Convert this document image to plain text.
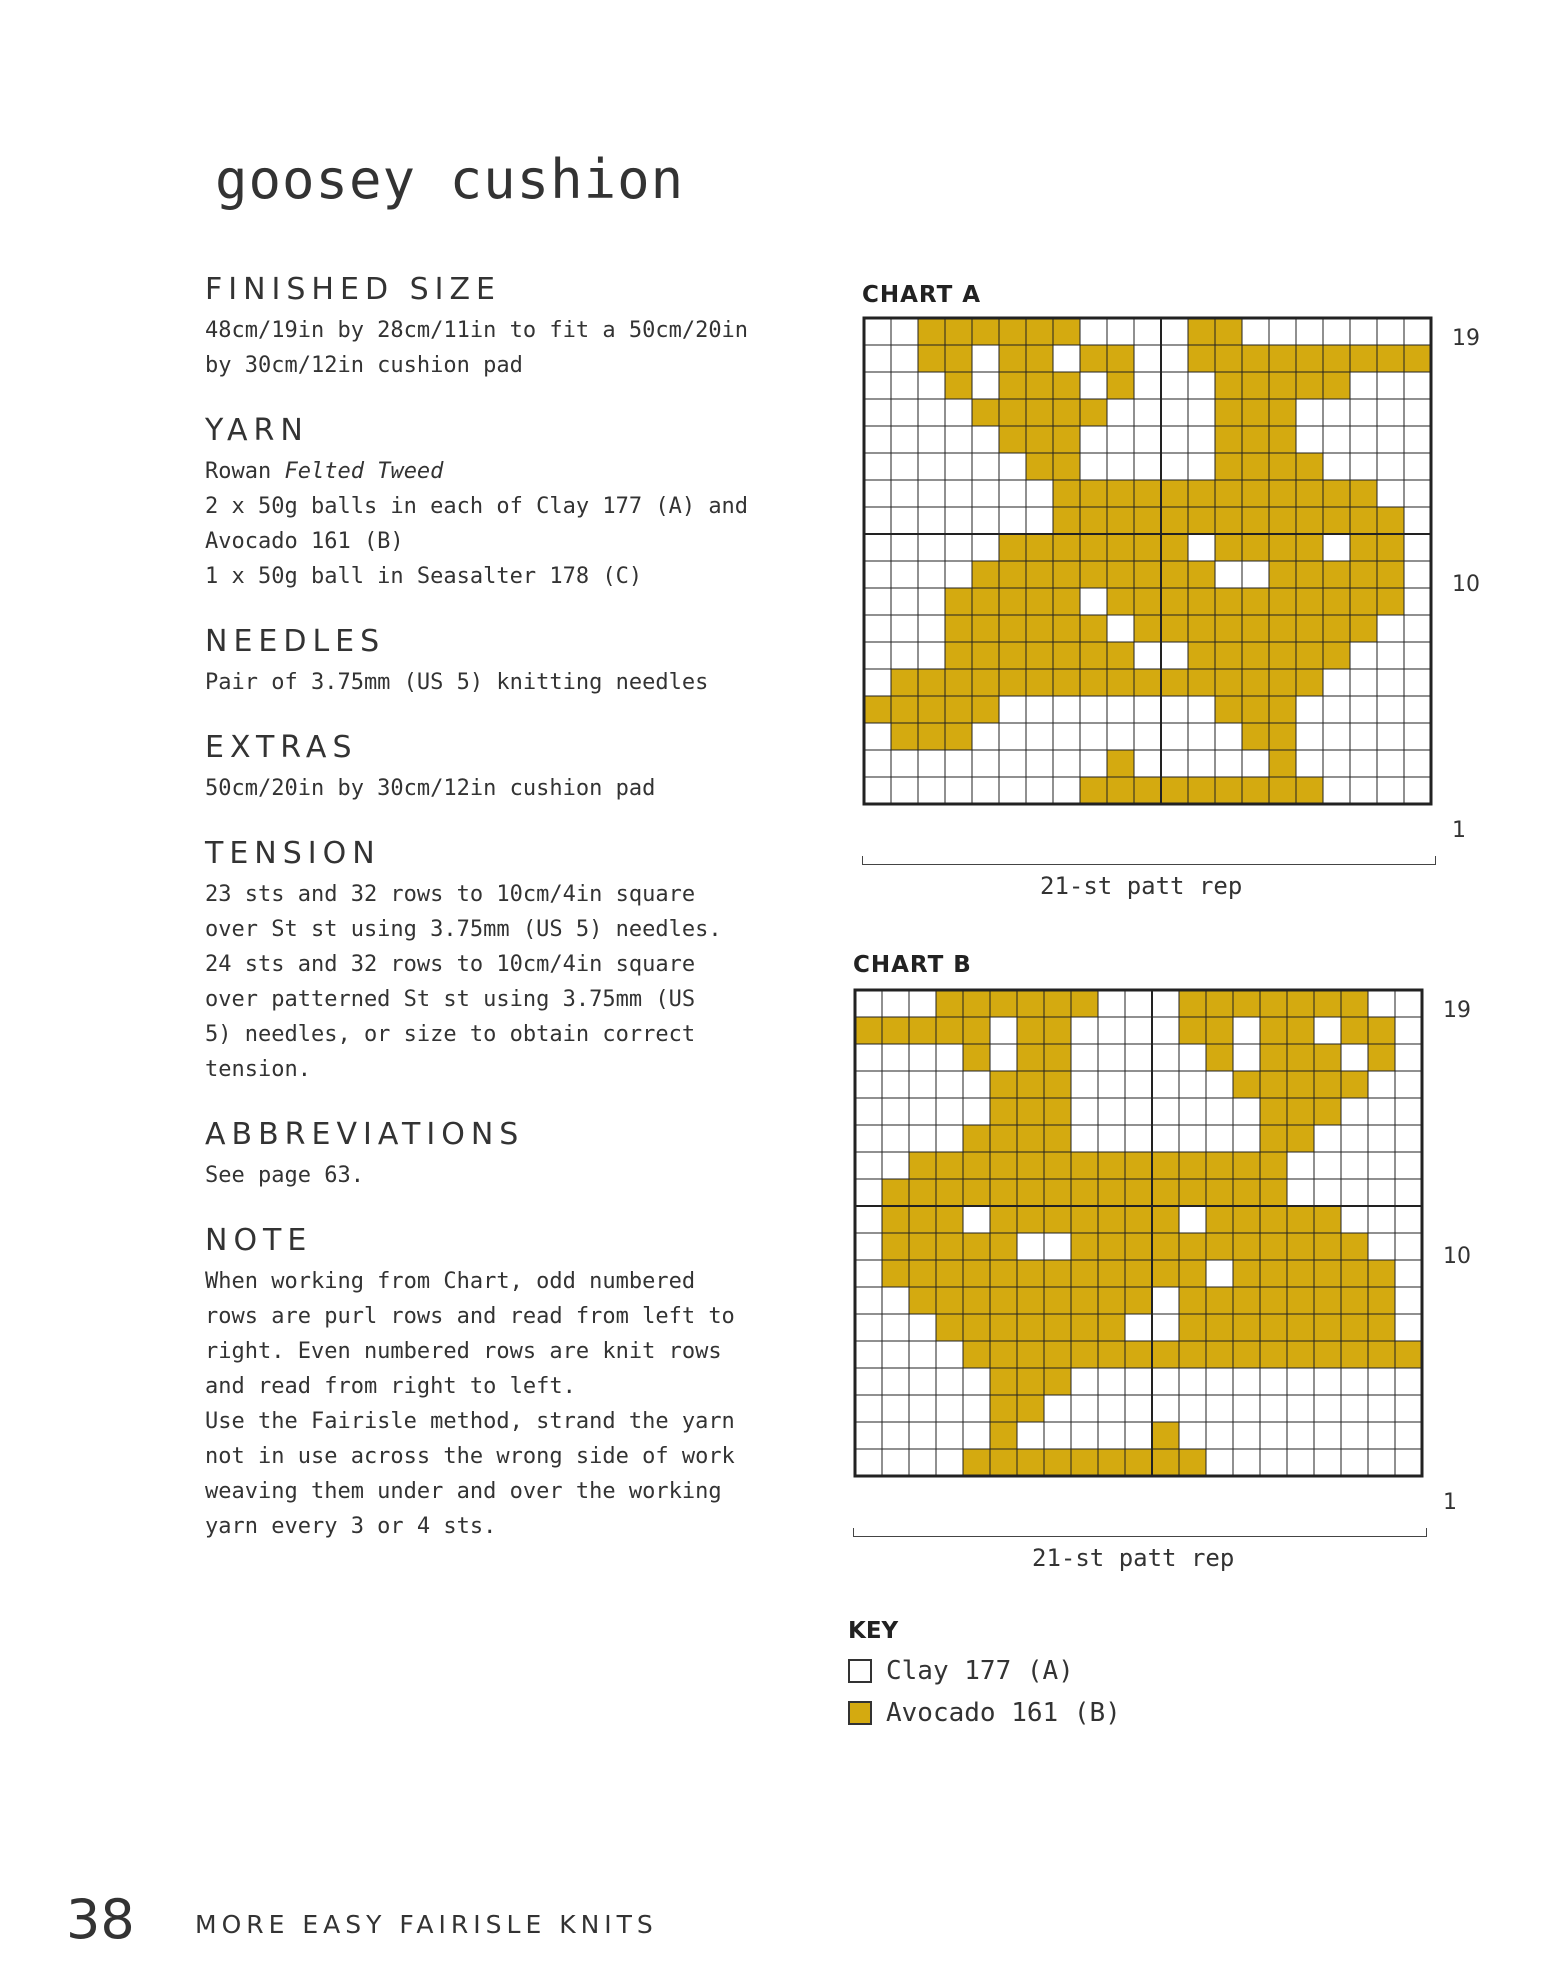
goosey cushion
FINISHED SIZE
48cm/19in by 28cm/11in to fit a 50cm/20in
by 30cm/12in cushion pad
YARN
Rowan Felted Tweed
2 x 50g balls in each of Clay 177 (A) and
Avocado 161 (B)
1 x 50g ball in Seasalter 178 (C)
NEEDLES
Pair of 3.75mm (US 5) knitting needles
EXTRAS
50cm/20in by 30cm/12in cushion pad
TENSION
23 sts and 32 rows to 10cm/4in square
over St st using 3.75mm (US 5) needles.
24 sts and 32 rows to 10cm/4in square
over patterned St st using 3.75mm (US
5) needles, or size to obtain correct
tension.
ABBREVIATIONS
See page 63.
NOTE
When working from Chart, odd numbered
rows are purl rows and read from left to
right. Even numbered rows are knit rows
and read from right to left.
Use the Fairisle method, strand the yarn
not in use across the wrong side of work
weaving them under and over the working
yarn every 3 or 4 sts.
CHART A
19
10
1
21-st patt rep
CHART B
19
10
1
21-st patt rep
KEY
Clay 177 (A)
Avocado 161 (B)
38 MORE EASY FAIRISLE KNITS
